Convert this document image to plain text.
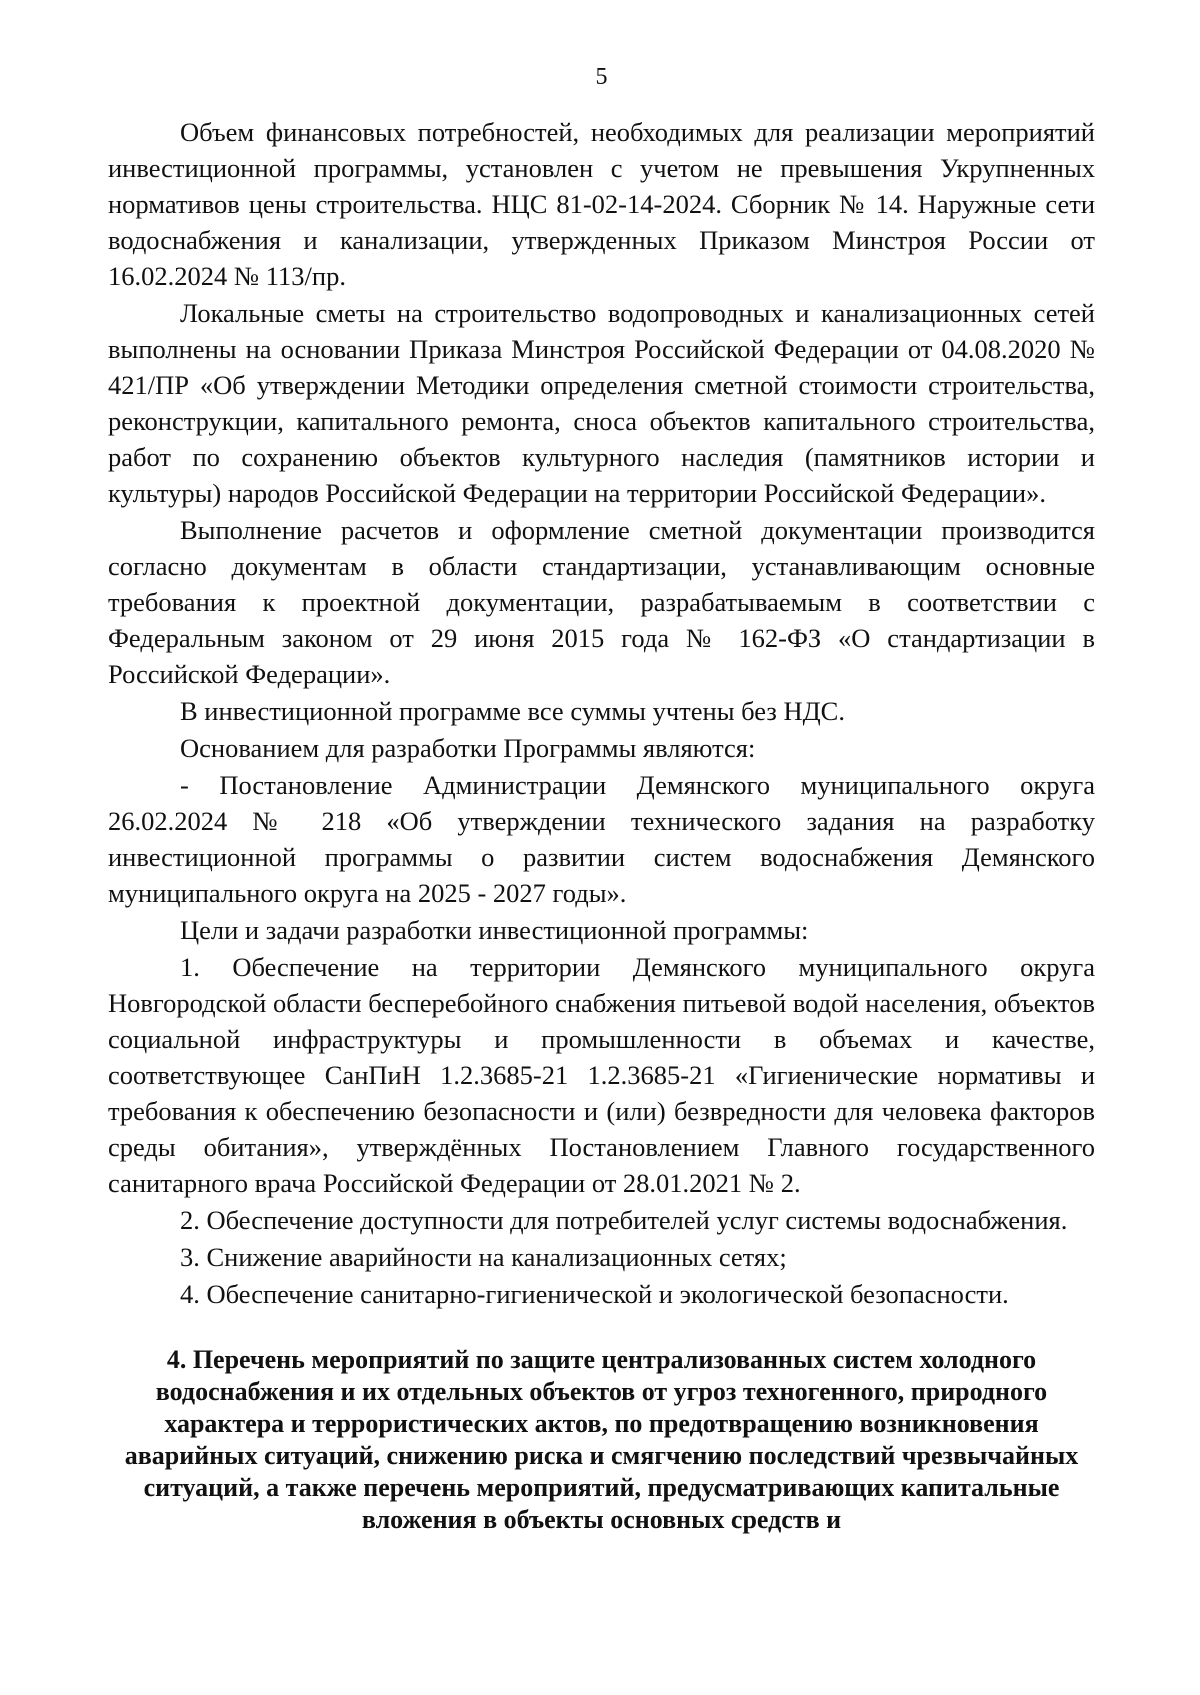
5

Объем финансовых потребностей, необходимых для реализации мероприятий инвестиционной программы, установлен с учетом не превышения Укрупненных нормативов цены строительства. НЦС 81-02-14-2024. Сборник № 14. Наружные сети водоснабжения и канализации, утвержденных Приказом Минстроя России от 16.02.2024 № 113/пр.

Локальные сметы на строительство водопроводных и канализационных сетей выполнены на основании Приказа Минстроя Российской Федерации от 04.08.2020 № 421/ПР «Об утверждении Методики определения сметной стоимости строительства, реконструкции, капитального ремонта, сноса объектов капитального строительства, работ по сохранению объектов культурного наследия (памятников истории и культуры) народов Российской Федерации на территории Российской Федерации».

Выполнение расчетов и оформление сметной документации производится согласно документам в области стандартизации, устанавливающим основные требования к проектной документации, разрабатываемым в соответствии с Федеральным законом от 29 июня 2015 года № 162-ФЗ «О стандартизации в Российской Федерации».

В инвестиционной программе все суммы учтены без НДС.

Основанием для разработки Программы являются:

- Постановление Администрации Демянского муниципального округа 26.02.2024 № 218 «Об утверждении технического задания на разработку инвестиционной программы о развитии систем водоснабжения Демянского муниципального округа на 2025 - 2027 годы».

Цели и задачи разработки инвестиционной программы:

1. Обеспечение на территории Демянского муниципального округа Новгородской области бесперебойного снабжения питьевой водой населения, объектов социальной инфраструктуры и промышленности в объемах и качестве, соответствующее СанПиН 1.2.3685-21 1.2.3685-21 «Гигиенические нормативы и требования к обеспечению безопасности и (или) безвредности для человека факторов среды обитания», утверждённых Постановлением Главного государственного санитарного врача Российской Федерации от 28.01.2021 № 2.

2. Обеспечение доступности для потребителей услуг системы водоснабжения.

3. Снижение аварийности на канализационных сетях;

4. Обеспечение санитарно-гигиенической и экологической безопасности.

4. Перечень мероприятий по защите централизованных систем холодного водоснабжения и их отдельных объектов от угроз техногенного, природного характера и террористических актов, по предотвращению возникновения аварийных ситуаций, снижению риска и смягчению последствий чрезвычайных ситуаций, а также перечень мероприятий, предусматривающих капитальные вложения в объекты основных средств и
